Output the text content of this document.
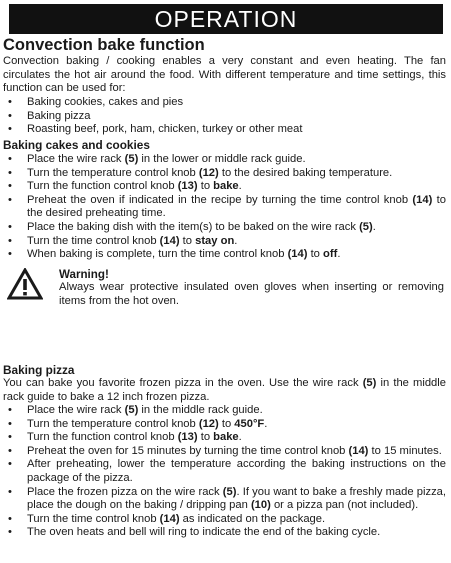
OPERATION
Convection bake function
Convection baking / cooking enables a very constant and even heating. The fan circulates the hot air around the food. With different temperature and time settings, this function can be used for:
• Baking cookies, cakes and pies
• Baking pizza
• Roasting beef, pork, ham, chicken, turkey or other meat
Baking cakes and cookies
• Place the wire rack (5) in the lower or middle rack guide.
• Turn the temperature control knob (12) to the desired baking temperature.
• Turn the function control knob (13) to bake.
• Preheat the oven if indicated in the recipe by turning the time control knob (14) to the desired preheating time.
• Place the baking dish with the item(s) to be baked on the wire rack (5).
• Turn the time control knob (14) to stay on.
• When baking is complete, turn the time control knob (14) to off.
Warning!
Always wear protective insulated oven gloves when inserting or removing items from the hot oven.
Baking pizza
You can bake you favorite frozen pizza in the oven. Use the wire rack (5) in the middle rack guide to bake a 12 inch frozen pizza.
• Place the wire rack (5) in the middle rack guide.
• Turn the temperature control knob (12) to 450°F.
• Turn the function control knob (13) to bake.
• Preheat the oven for 15 minutes by turning the time control knob (14) to 15 minutes.
• After preheating, lower the temperature according the baking instructions on the package of the pizza.
• Place the frozen pizza on the wire rack (5). If you want to bake a freshly made pizza, place the dough on the baking / dripping pan (10) or a pizza pan (not included).
• Turn the time control knob (14) as indicated on the package.
• The oven heats and bell will ring to indicate the end of the baking cycle.
